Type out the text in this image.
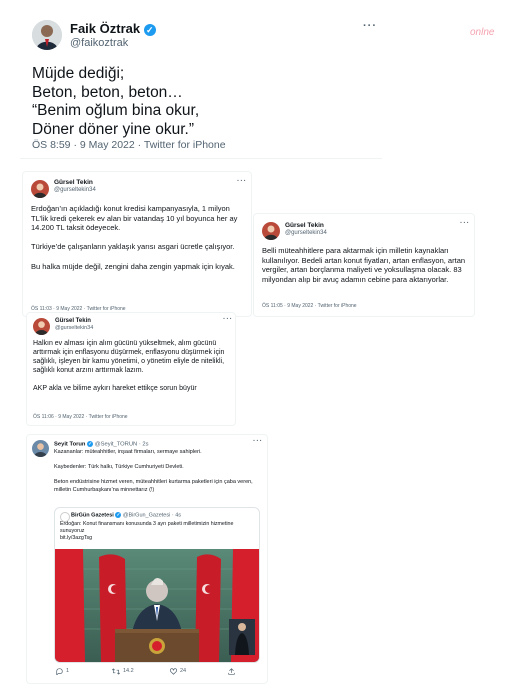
onlne
Faik Öztrak ✓
@faikoztrak
···
Müjde dediği;
Beton, beton, beton…
“Benim oğlum bina okur,
Döner döner yine okur.”
ÖS 8:59 · 9 May 2022 · Twitter for iPhone
Gürsel Tekin
@gurseltekin34
···
Erdoğan’ın açıkladığı konut kredisi kampanyasıyla, 1 milyon TL’lik kredi çekerek ev alan bir vatandaş 10 yıl boyunca her ay 14.200 TL taksit ödeyecek.

Türkiye’de çalışanların yaklaşık yarısı asgari ücretle çalışıyor.

Bu halka müjde değil, zengini daha zengin yapmak için kıyak.
ÖS 11:03 · 9 May 2022 · Twitter for iPhone
Gürsel Tekin
@gurseltekin34
···
Belli müteahhitlere para aktarmak için milletin kaynakları kullanılıyor. Bedeli artan konut fiyatları, artan enflasyon, artan vergiler, artan borçlanma maliyeti ve yoksullaşma olacak. 83 milyondan alıp bir avuç adamın cebine para aktarıyorlar.
ÖS 11:05 · 9 May 2022 · Twitter for iPhone
Gürsel Tekin
@gurseltekin34
···
Halkın ev alması için alım gücünü yükseltmek, alım gücünü arttırmak için enflasyonu düşürmek, enflasyonu düşürmek için sağlıklı, işleyen bir kamu yönetimi, o yönetim eliyle de nitelikli, sağlıklı konut arzını arttırmak lazım.

AKP akla ve bilime aykırı hareket ettikçe sorun büyür
ÖS 11:06 · 9 May 2022 · Twitter for iPhone
Seyit Torun ✓ @Seyit_TORUN · 2s	···
Kazananlar: müteahhitler, inşaat firmaları, sermaye sahipleri.

Kaybedenler: Türk halkı, Türkiye Cumhuriyeti Devleti.

Beton endüstrisine hizmet veren, müteahhitleri kurtarma paketleri için çaba veren, milletin Cumhurbaşkanı’na minnettarız (!)
BirGün Gazetesi ✓ @BirGun_Gazetesi · 4s
Erdoğan: Konut finansmanı konusunda 3 ayrı paketi milletimizin hizmetine sunuyoruz
bit.ly/3azgTsg
1	14.2	24
